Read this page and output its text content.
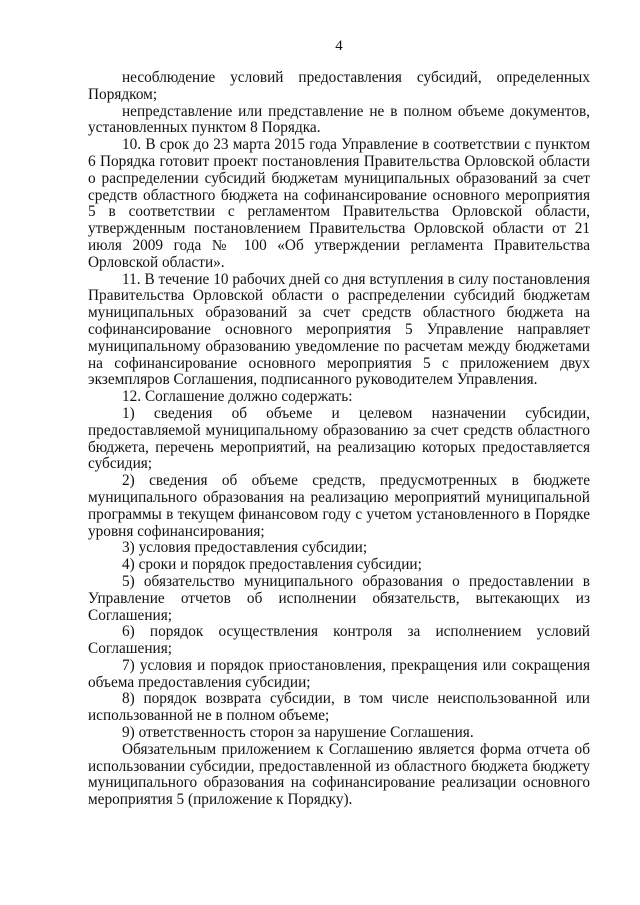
4

несоблюдение условий предоставления субсидий, определенных Порядком;

непредставление или представление не в полном объеме документов, установленных пунктом 8 Порядка.

10. В срок до 23 марта 2015 года Управление в соответствии с пунктом 6 Порядка готовит проект постановления Правительства Орловской области о распределении субсидий бюджетам муниципальных образований за счет средств областного бюджета на софинансирование основного мероприятия 5 в соответствии с регламентом Правительства Орловской области, утвержденным постановлением Правительства Орловской области от 21 июля 2009 года № 100 «Об утверждении регламента Правительства Орловской области».

11. В течение 10 рабочих дней со дня вступления в силу постановления Правительства Орловской области о распределении субсидий бюджетам муниципальных образований за счет средств областного бюджета на софинансирование основного мероприятия 5 Управление направляет муниципальному образованию уведомление по расчетам между бюджетами на софинансирование основного мероприятия 5 с приложением двух экземпляров Соглашения, подписанного руководителем Управления.

12. Соглашение должно содержать:

1) сведения об объеме и целевом назначении субсидии, предоставляемой муниципальному образованию за счет средств областного бюджета, перечень мероприятий, на реализацию которых предоставляется субсидия;

2) сведения об объеме средств, предусмотренных в бюджете муниципального образования на реализацию мероприятий муниципальной программы в текущем финансовом году с учетом установленного в Порядке уровня софинансирования;

3) условия предоставления субсидии;

4) сроки и порядок предоставления субсидии;

5) обязательство муниципального образования о предоставлении в Управление отчетов об исполнении обязательств, вытекающих из Соглашения;

6) порядок осуществления контроля за исполнением условий Соглашения;

7) условия и порядок приостановления, прекращения или сокращения объема предоставления субсидии;

8) порядок возврата субсидии, в том числе неиспользованной или использованной не в полном объеме;

9) ответственность сторон за нарушение Соглашения.

Обязательным приложением к Соглашению является форма отчета об использовании субсидии, предоставленной из областного бюджета бюджету муниципального образования на софинансирование реализации основного мероприятия 5 (приложение к Порядку).
